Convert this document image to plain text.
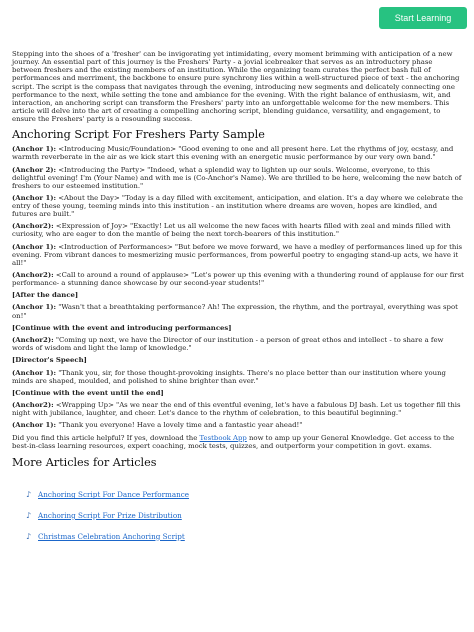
Start Learning

Stepping into the shoes of a 'fresher' can be invigorating yet intimidating, every moment brimming with anticipation of a new journey. An essential part of this journey is the Freshers' Party - a jovial icebreaker that serves as an introductory phase between freshers and the existing members of an institution. While the organizing team curates the perfect bash full of performances and merriment, the backbone to ensure pure synchrony lies within a well-structured piece of text - the anchoring script. The script is the compass that navigates through the evening, introducing new segments and delicately connecting one performance to the next, while setting the tone and ambiance for the evening. With the right balance of enthusiasm, wit, and interaction, an anchoring script can transform the Freshers' party into an unforgettable welcome for the new members. This article will delve into the art of creating a compelling anchoring script, blending guidance, versatility, and engagement, to ensure the Freshers' party is a resounding success.

Anchoring Script For Freshers Party Sample

(Anchor 1): <Introducing Music/Foundation> "Good evening to one and all present here. Let the rhythms of joy, ecstasy, and warmth reverberate in the air as we kick start this evening with an energetic music performance by our very own band."

(Anchor 2): <Introducing the Party> "Indeed, what a splendid way to lighten up our souls. Welcome, everyone, to this delightful evening! I'm (Your Name) and with me is (Co-Anchor's Name). We are thrilled to be here, welcoming the new batch of freshers to our esteemed institution."

(Anchor 1): <About the Day> "Today is a day filled with excitement, anticipation, and elation. It's a day where we celebrate the entry of these young, teeming minds into this institution - an institution where dreams are woven, hopes are kindled, and futures are built."

(Anchor2): <Expression of Joy> "Exactly! Let us all welcome the new faces with hearts filled with zeal and minds filled with curiosity, who are eager to don the mantle of being the next torch-bearers of this institution."

(Anchor 1): <Introduction of Performances> "But before we move forward, we have a medley of performances lined up for this evening. From vibrant dances to mesmerizing music performances, from powerful poetry to engaging stand-up acts, we have it all!"

(Anchor2): <Call to around a round of applause> "Let's power up this evening with a thundering round of applause for our first performance- a stunning dance showcase by our second-year students!"

[After the dance]

(Anchor 1): "Wasn't that a breathtaking performance? Ah! The expression, the rhythm, and the portrayal, everything was spot on!"

[Continue with the event and introducing performances]

(Anchor2): "Coming up next, we have the Director of our institution - a person of great ethos and intellect - to share a few words of wisdom and light the lamp of knowledge."

[Director's Speech]

(Anchor 1): "Thank you, sir, for those thought-provoking insights. There's no place better than our institution where young minds are shaped, moulded, and polished to shine brighter than ever."

[Continue with the event until the end]

(Anchor2): <Wrapping Up> "As we near the end of this eventful evening, let's have a fabulous DJ bash. Let us together fill this night with jubilance, laughter, and cheer. Let's dance to the rhythm of celebration, to this beautiful beginning."

(Anchor 1): "Thank you everyone! Have a lovely time and a fantastic year ahead!"

Did you find this article helpful? If yes, download the Testbook App now to amp up your General Knowledge. Get access to the best-in-class learning resources, expert coaching, mock tests, quizzes, and outperform your competition in govt. exams.

More Articles for Articles
♪ Anchoring Script For Dance Performance
♪ Anchoring Script For Prize Distribution
♪ Christmas Celebration Anchoring Script
